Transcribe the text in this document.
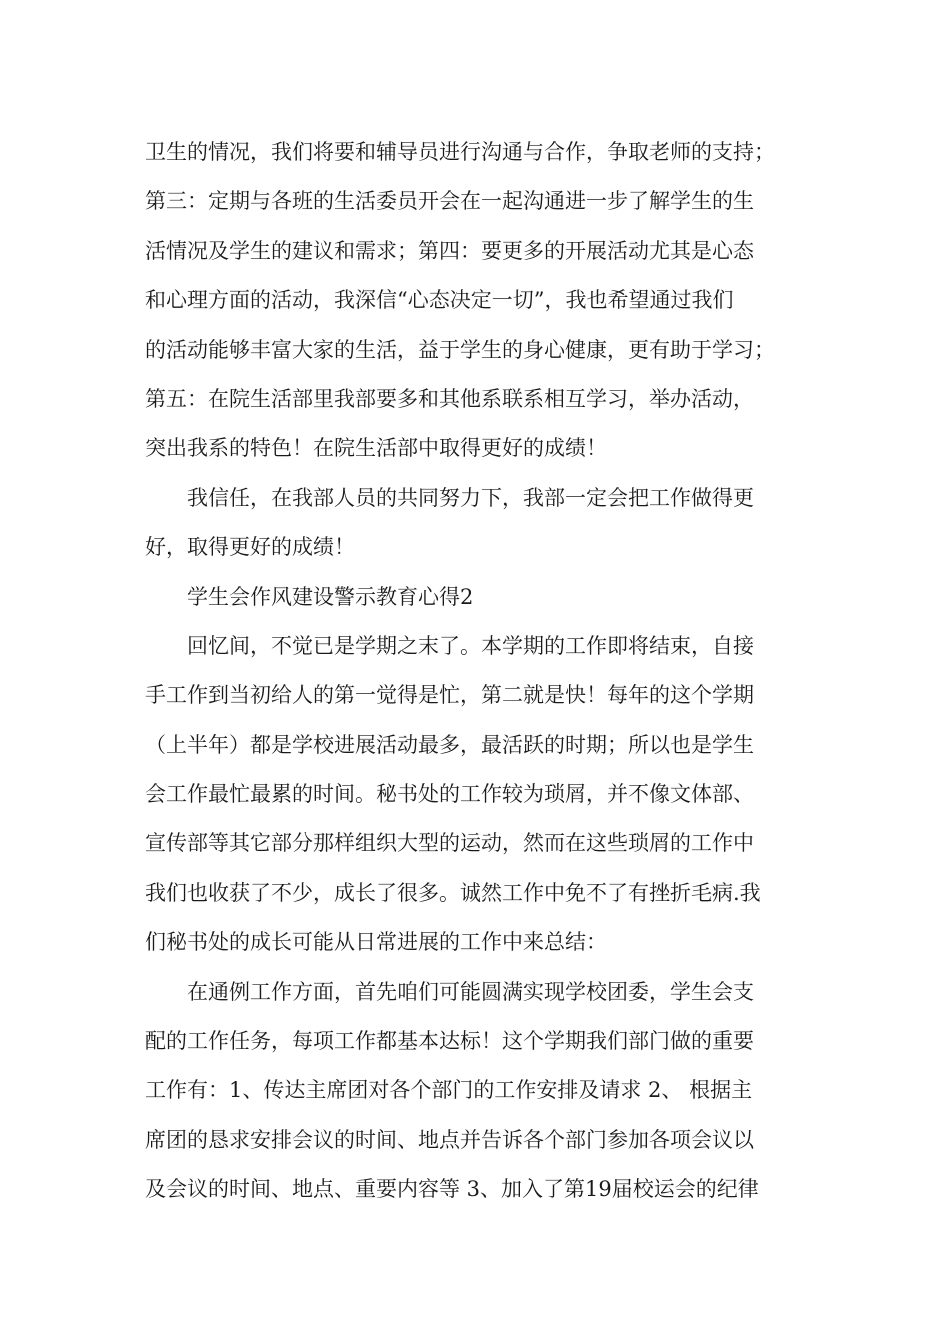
卫生的情况，我们将要和辅导员进行沟通与合作，争取老师的支持；
第三：定期与各班的生活委员开会在一起沟通进一步了解学生的生
活情况及学生的建议和需求；第四：要更多的开展活动尤其是心态
和心理方面的活动，我深信“心态决定一切”，我也希望通过我们
的活动能够丰富大家的生活，益于学生的身心健康，更有助于学习；
第五：在院生活部里我部要多和其他系联系相互学习，举办活动，
突出我系的特色！在院生活部中取得更好的成绩！
我信任，在我部人员的共同努力下，我部一定会把工作做得更
好，取得更好的成绩！
学生会作风建设警示教育心得2
回忆间，不觉已是学期之末了。本学期的工作即将结束，自接
手工作到当初给人的第一觉得是忙，第二就是快！每年的这个学期
（上半年）都是学校进展活动最多，最活跃的时期；所以也是学生
会工作最忙最累的时间。秘书处的工作较为琐屑，并不像文体部、
宣传部等其它部分那样组织大型的运动，然而在这些琐屑的工作中
我们也收获了不少，成长了很多。诚然工作中免不了有挫折毛病.我
们秘书处的成长可能从日常进展的工作中来总结：
在通例工作方面，首先咱们可能圆满实现学校团委，学生会支
配的工作任务，每项工作都基本达标！这个学期我们部门做的重要
工作有：1、传达主席团对各个部门的工作安排及请求 2、 根据主
席团的恳求安排会议的时间、地点并告诉各个部门参加各项会议以
及会议的时间、地点、重要内容等 3、加入了第19届校运会的纪律
